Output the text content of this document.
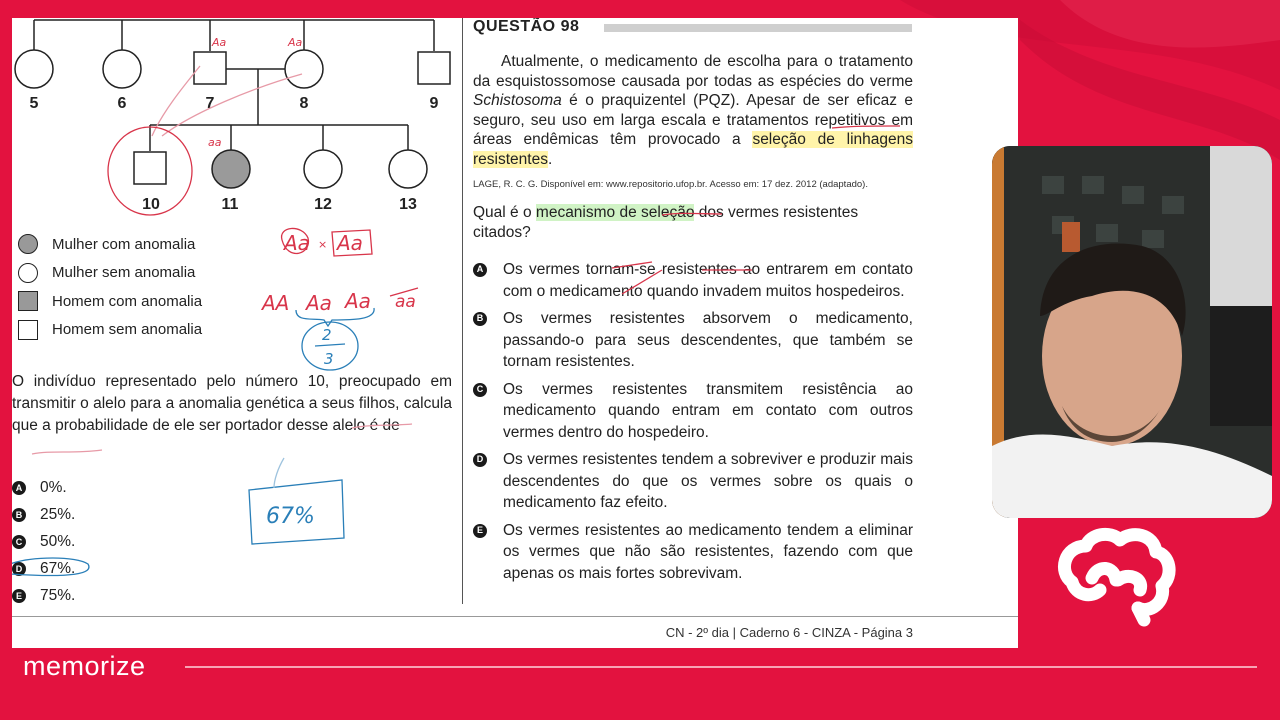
5	6	7	8	9
10	11	12	13
Mulher com anomalia
Mulher sem anomalia
Homem com anomalia
Homem sem anomalia
O indivíduo representado pelo número 10, preocupado em transmitir o alelo para a anomalia genética a seus filhos, calcula que a probabilidade de ele ser portador desse alelo é de
A 0%.
B 25%.
C 50%.
D 67%.
E 75%.
QUESTÃO 98

Atualmente, o medicamento de escolha para o tratamento da esquistossomose causada por todas as espécies do verme Schistosoma é o praquizentel (PQZ). Apesar de ser eficaz e seguro, seu uso em larga escala e tratamentos repetitivos em áreas endêmicas têm provocado a seleção de linhagens resistentes.

LAGE, R. C. G. Disponível em: www.repositorio.ufop.br. Acesso em: 17 dez. 2012 (adaptado).
Qual é o mecanismo de seleção dos vermes resistentes citados?
A Os vermes tornam-se resistentes ao entrarem em contato com o medicamento quando invadem muitos hospedeiros.
B Os vermes resistentes absorvem o medicamento, passando-o para seus descendentes, que também se tornam resistentes.
C Os vermes resistentes transmitem resistência ao medicamento quando entram em contato com outros vermes dentro do hospedeiro.
D Os vermes resistentes tendem a sobreviver e produzir mais descendentes do que os vermes sobre os quais o medicamento faz efeito.
E Os vermes resistentes ao medicamento tendem a eliminar os vermes que não são resistentes, fazendo com que apenas os mais fortes sobrevivam.
CN - 2º dia | Caderno 6 - CINZA - Página 3
Aa	Aa
aa
Aa × Aa
AA Aa Aa aa
2
3
67%
memorize
